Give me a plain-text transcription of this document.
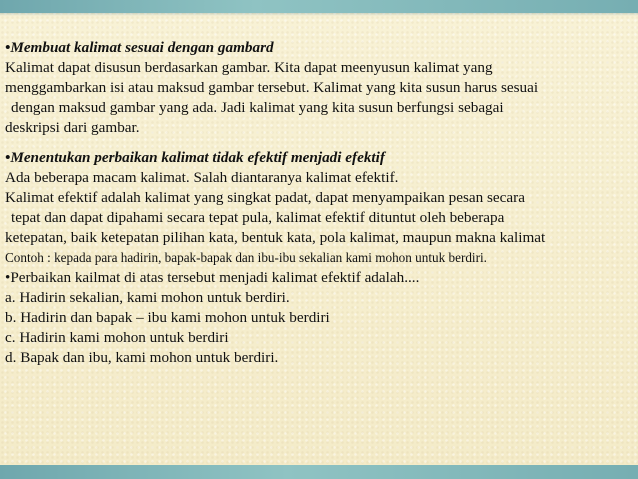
•Membuat kalimat sesuai dengan gambard
Kalimat dapat disusun berdasarkan gambar. Kita dapat meenyusun kalimat yang
menggambarkan isi atau maksud gambar tersebut. Kalimat yang kita susun harus sesuai
dengan maksud gambar yang ada. Jadi kalimat yang kita susun berfungsi sebagai
deskripsi dari gambar.
•Menentukan perbaikan kalimat tidak efektif menjadi efektif
Ada beberapa macam kalimat. Salah diantaranya kalimat efektif.
Kalimat efektif adalah kalimat yang singkat padat, dapat menyampaikan pesan secara
tepat dan dapat dipahami secara tepat pula, kalimat efektif dituntut oleh beberapa
ketepatan, baik ketepatan pilihan kata, bentuk kata, pola kalimat, maupun makna kalimat
Contoh : kepada para hadirin, bapak-bapak dan ibu-ibu sekalian kami mohon untuk berdiri.
•Perbaikan kailmat di atas tersebut menjadi kalimat efektif adalah....
a. Hadirin sekalian, kami mohon untuk berdiri.
b. Hadirin dan bapak – ibu kami mohon untuk berdiri
c. Hadirin kami mohon untuk berdiri
d. Bapak dan ibu, kami mohon untuk berdiri.
